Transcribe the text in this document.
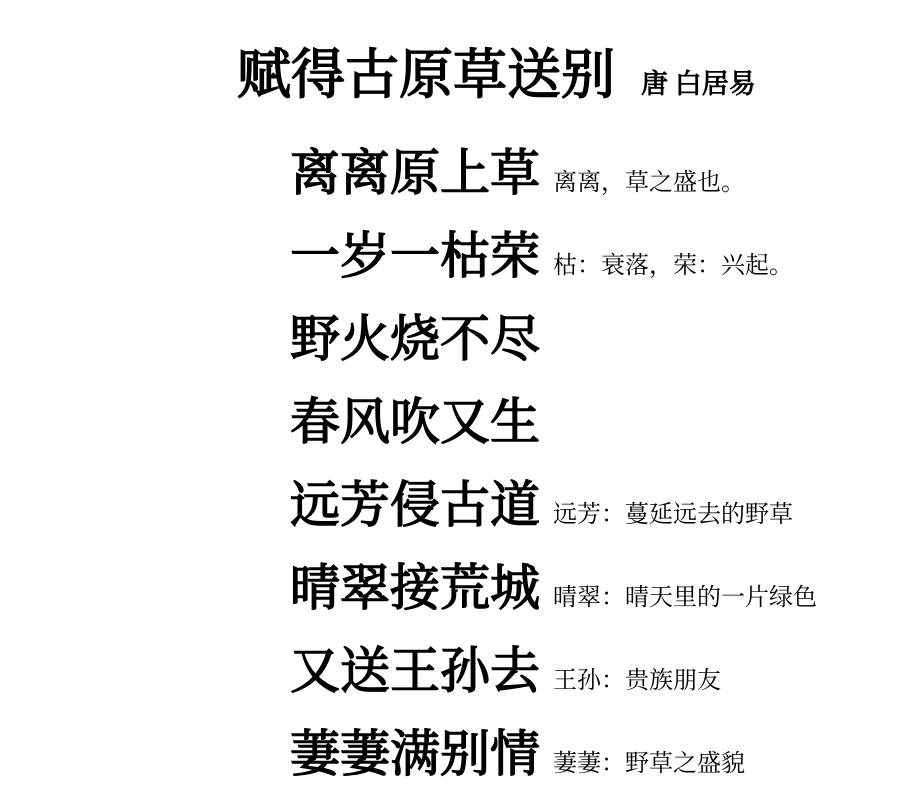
赋得古原草送别 唐 白居易
离离原上草 离离，草之盛也。
一岁一枯荣 枯：衰落，荣：兴起。
野火烧不尽
春风吹又生
远芳侵古道 远芳：蔓延远去的野草
晴翠接荒城 晴翠：晴天里的一片绿色
又送王孙去 王孙：贵族朋友
萋萋满别情 萋萋：野草之盛貌
